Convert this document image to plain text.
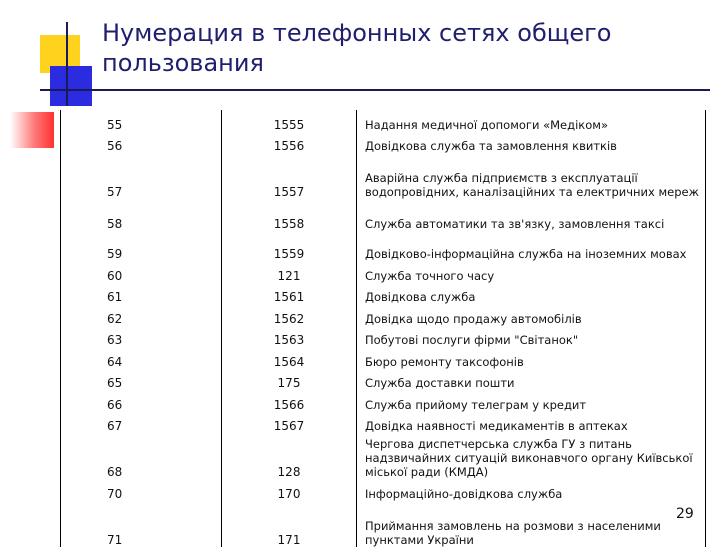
Нумерация в телефонных сетях общего пользования
55	1555	Надання медичної допомоги «Медіком»
56	1556	Довідкова служба та замовлення квитків
57	1557	Аварійна служба підприємств з експлуатації водопровідних, каналізаційних та електричних мереж
58	1558	Служба автоматики та зв'язку, замовлення таксі
59	1559	Довідково-інформаційна служба на іноземних мовах
60	121	Служба точного часу
61	1561	Довідкова служба
62	1562	Довідка щодо продажу автомобілів
63	1563	Побутові послуги фірми "Світанок"
64	1564	Бюро ремонту таксофонів
65	175	Служба доставки пошти
66	1566	Служба прийому телеграм у кредит
67	1567	Довідка наявності медикаментів в аптеках
68	128	Чергова диспетчерська служба ГУ з питань надзвичайних ситуацій виконавчого органу Київської міської ради (КМДА)
70	170	Інформаційно-довідкова служба
71	171	Приймання замовлень на розмови з населеними пунктами України
29
